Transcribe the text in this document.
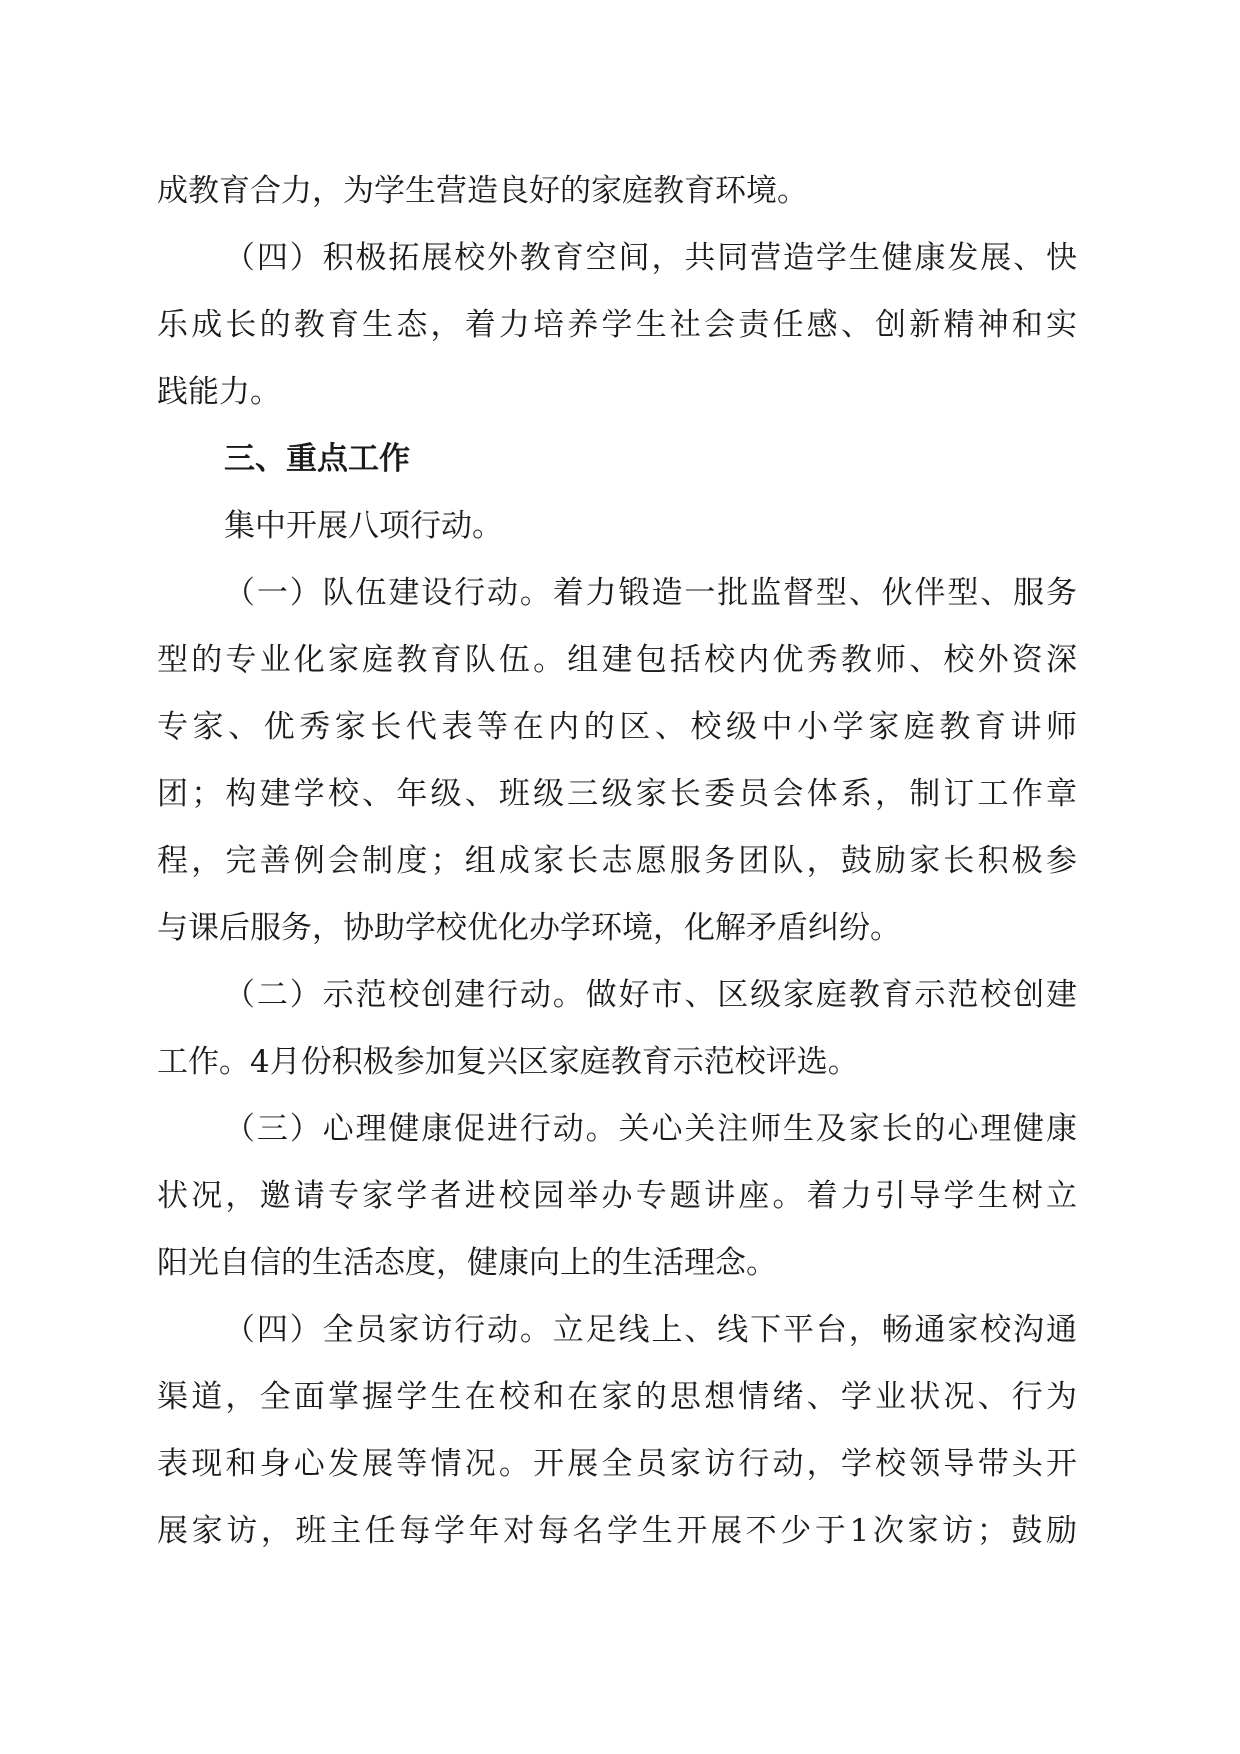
成教育合力，为学生营造良好的家庭教育环境。
（四）积极拓展校外教育空间，共同营造学生健康发展、快
乐成长的教育生态，着力培养学生社会责任感、创新精神和实
践能力。
三、重点工作
集中开展八项行动。
（一）队伍建设行动。着力锻造一批监督型、伙伴型、服务
型的专业化家庭教育队伍。组建包括校内优秀教师、校外资深
专家、优秀家长代表等在内的区、校级中小学家庭教育讲师
团；构建学校、年级、班级三级家长委员会体系，制订工作章
程，完善例会制度；组成家长志愿服务团队，鼓励家长积极参
与课后服务，协助学校优化办学环境，化解矛盾纠纷。
（二）示范校创建行动。做好市、区级家庭教育示范校创建
工作。4月份积极参加复兴区家庭教育示范校评选。
（三）心理健康促进行动。关心关注师生及家长的心理健康
状况，邀请专家学者进校园举办专题讲座。着力引导学生树立
阳光自信的生活态度，健康向上的生活理念。
（四）全员家访行动。立足线上、线下平台，畅通家校沟通
渠道，全面掌握学生在校和在家的思想情绪、学业状况、行为
表现和身心发展等情况。开展全员家访行动，学校领导带头开
展家访，班主任每学年对每名学生开展不少于1次家访；鼓励
